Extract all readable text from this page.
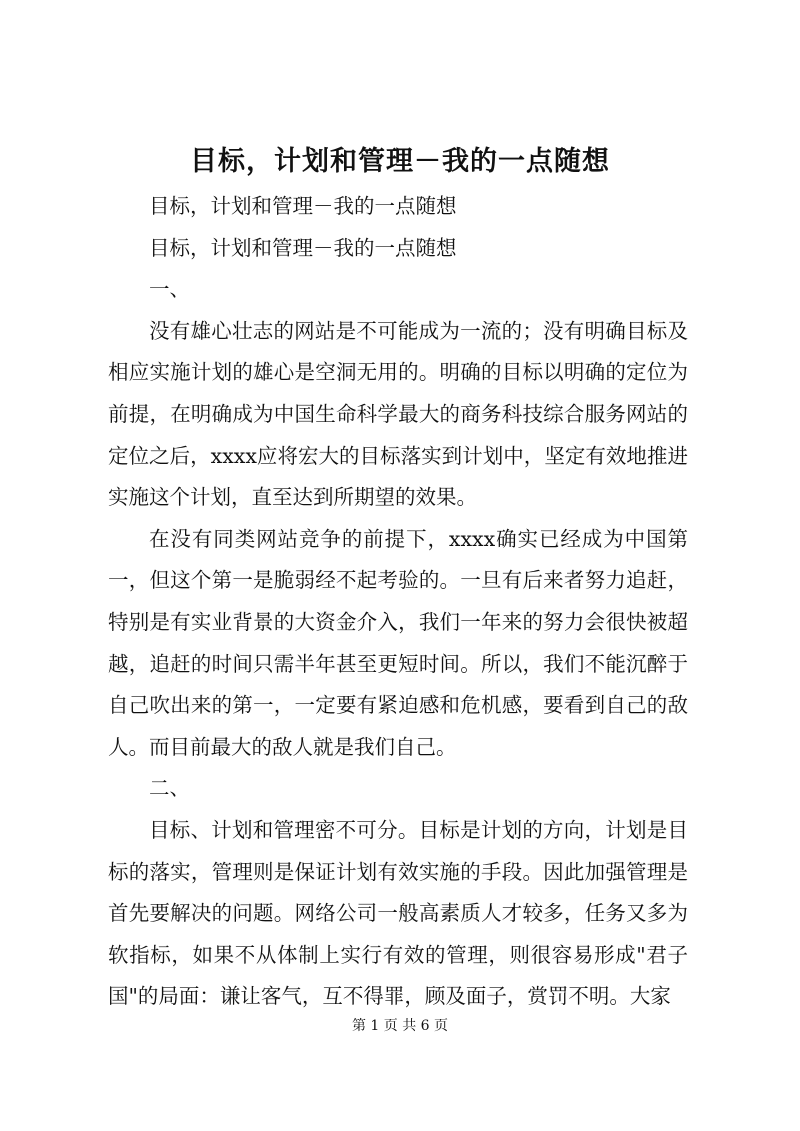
目标，计划和管理－我的一点随想

目标，计划和管理－我的一点随想

目标，计划和管理－我的一点随想

一、

没有雄心壮志的网站是不可能成为一流的；没有明确目标及相应实施计划的雄心是空洞无用的。明确的目标以明确的定位为前提，在明确成为中国生命科学最大的商务科技综合服务网站的定位之后，xxxx应将宏大的目标落实到计划中，坚定有效地推进实施这个计划，直至达到所期望的效果。

在没有同类网站竞争的前提下，xxxx确实已经成为中国第一，但这个第一是脆弱经不起考验的。一旦有后来者努力追赶，特别是有实业背景的大资金介入，我们一年来的努力会很快被超越，追赶的时间只需半年甚至更短时间。所以，我们不能沉醉于自己吹出来的第一，一定要有紧迫感和危机感，要看到自己的敌人。而目前最大的敌人就是我们自己。

二、

目标、计划和管理密不可分。目标是计划的方向，计划是目标的落实，管理则是保证计划有效实施的手段。因此加强管理是首先要解决的问题。网络公司一般高素质人才较多，任务又多为软指标，如果不从体制上实行有效的管理，则很容易形成"君子国"的局面：谦让客气，互不得罪，顾及面子，赏罚不明。大家

第 1 页 共 6 页
